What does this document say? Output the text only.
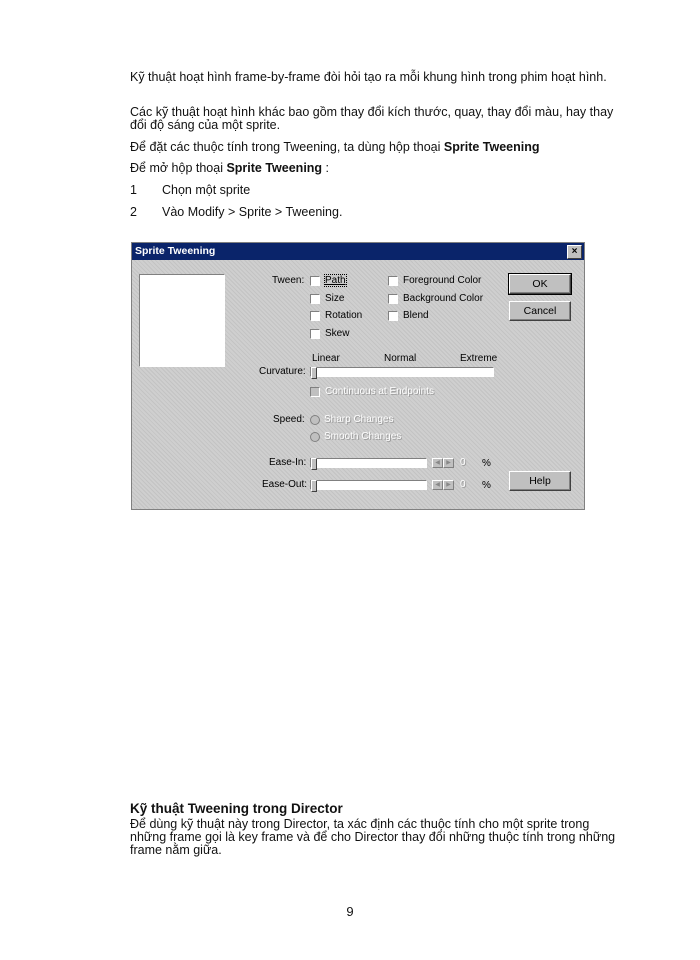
Kỹ thuật hoạt hình frame-by-frame đòi hỏi tạo ra mỗi khung hình trong phim hoạt hình.

Các kỹ thuật hoạt hình khác bao gồm thay đổi kích thước, quay, thay đổi màu, hay thay đổi độ sáng của một sprite.

Để đặt các thuộc tính trong Tweening, ta dùng hộp thoại Sprite Tweening

Để mở hộp thoại Sprite Tweening :

1 Chọn một sprite
2 Vào Modify > Sprite > Tweening.
Sprite Tweening	×
Tween: Path
Size
Rotation
Skew
Foreground Color
Background Color
Blend
Linear	Normal	Extreme
Curvature:
Continuous at Endpoints
Speed: Sharp Changes
Smooth Changes
Ease-In:	◀	▶ 0 %
Ease-Out:	◀	▶ 0 %
OK
Cancel
Help

Kỹ thuật Tweening trong Director

Để dùng kỹ thuật này trong Director, ta xác định các thuộc tính cho một sprite trong những frame gọi là key frame và để cho Director thay đổi những thuộc tính trong những frame nằm giữa.

9
